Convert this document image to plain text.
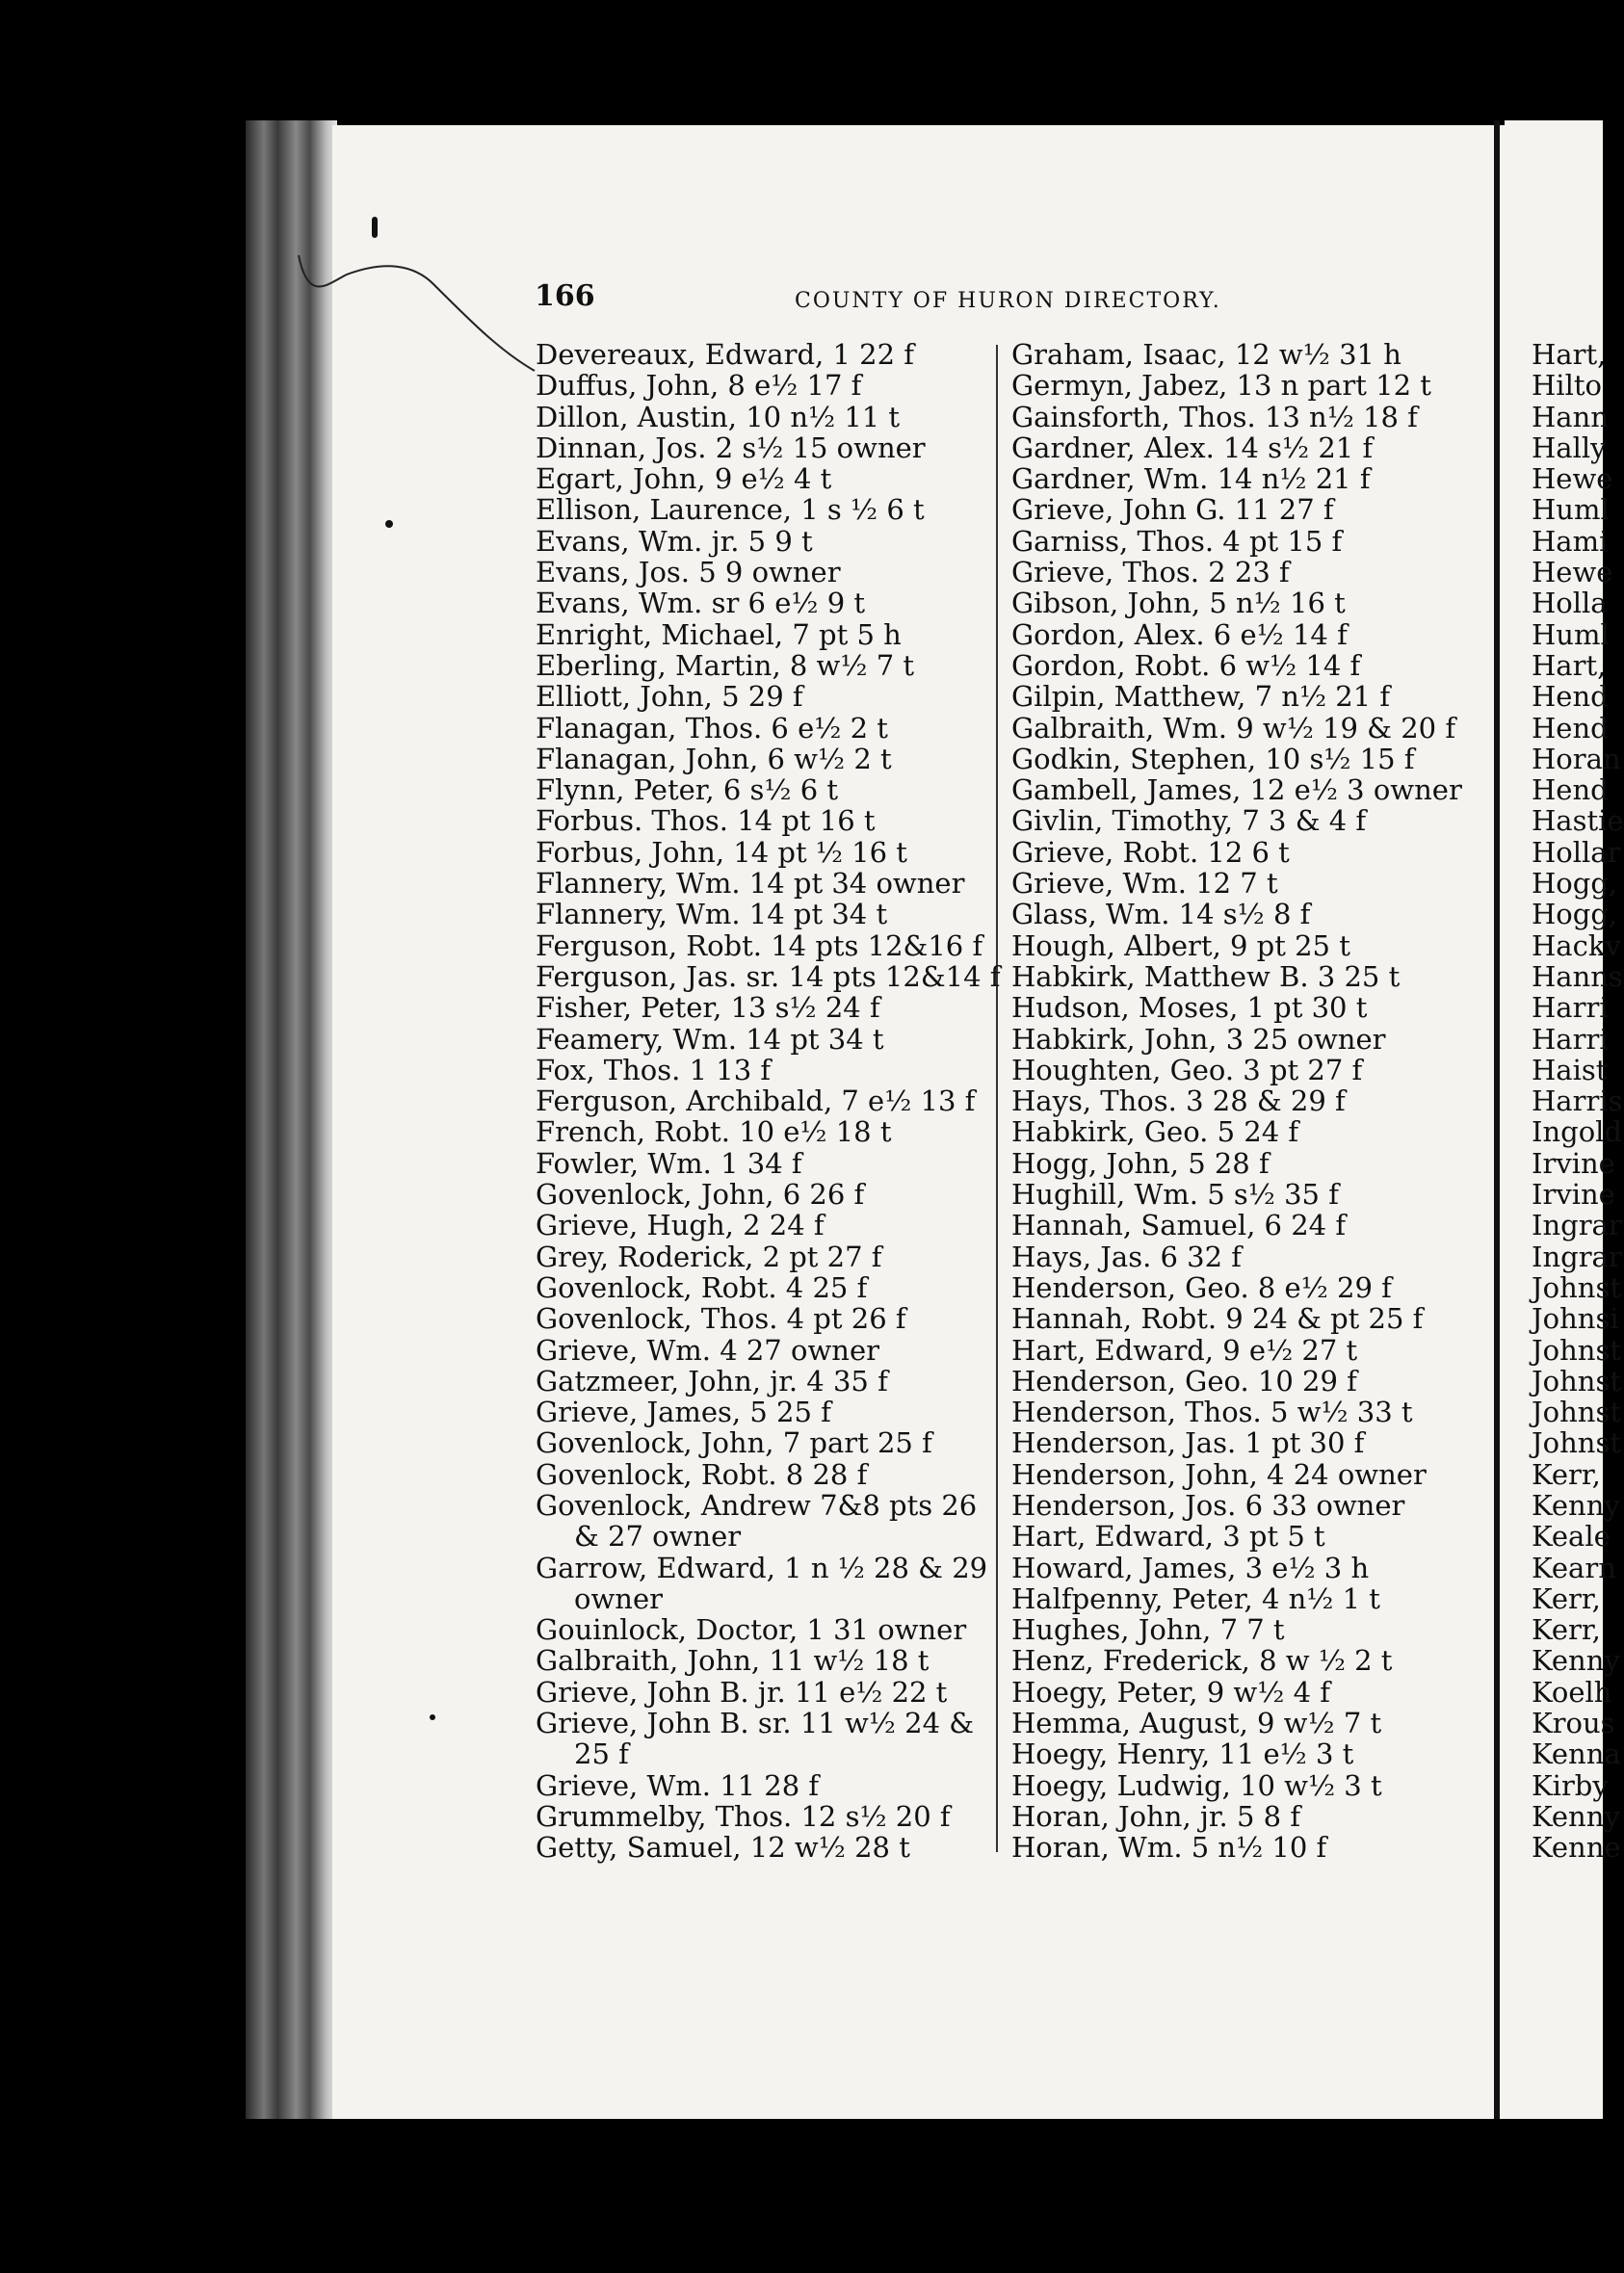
166	COUNTY OF HURON DIRECTORY.
Devereaux, Edward, 1 22 f
Duffus, John, 8 e½ 17 f
Dillon, Austin, 10 n½ 11 t
Dinnan, Jos. 2 s½ 15 owner
Egart, John, 9 e½ 4 t
Ellison, Laurence, 1 s ½ 6 t
Evans, Wm. jr. 5 9 t
Evans, Jos. 5 9 owner
Evans, Wm. sr 6 e½ 9 t
Enright, Michael, 7 pt 5 h
Eberling, Martin, 8 w½ 7 t
Elliott, John, 5 29 f
Flanagan, Thos. 6 e½ 2 t
Flanagan, John, 6 w½ 2 t
Flynn, Peter, 6 s½ 6 t
Forbus. Thos. 14 pt 16 t
Forbus, John, 14 pt ½ 16 t
Flannery, Wm. 14 pt 34 owner
Flannery, Wm. 14 pt 34 t
Ferguson, Robt. 14 pts 12&16 f
Ferguson, Jas. sr. 14 pts 12&14 f
Fisher, Peter, 13 s½ 24 f
Feamery, Wm. 14 pt 34 t
Fox, Thos. 1 13 f
Ferguson, Archibald, 7 e½ 13 f
French, Robt. 10 e½ 18 t
Fowler, Wm. 1 34 f
Govenlock, John, 6 26 f
Grieve, Hugh, 2 24 f
Grey, Roderick, 2 pt 27 f
Govenlock, Robt. 4 25 f
Govenlock, Thos. 4 pt 26 f
Grieve, Wm. 4 27 owner
Gatzmeer, John, jr. 4 35 f
Grieve, James, 5 25 f
Govenlock, John, 7 part 25 f
Govenlock, Robt. 8 28 f
Govenlock, Andrew 7&8 pts 26
& 27 owner
Garrow, Edward, 1 n ½ 28 & 29
owner
Gouinlock, Doctor, 1 31 owner
Galbraith, John, 11 w½ 18 t
Grieve, John B. jr. 11 e½ 22 t
Grieve, John B. sr. 11 w½ 24 &
25 f
Grieve, Wm. 11 28 f
Grummelby, Thos. 12 s½ 20 f
Getty, Samuel, 12 w½ 28 t
Graham, Isaac, 12 w½ 31 h
Germyn, Jabez, 13 n part 12 t
Gainsforth, Thos. 13 n½ 18 f
Gardner, Alex. 14 s½ 21 f
Gardner, Wm. 14 n½ 21 f
Grieve, John G. 11 27 f
Garniss, Thos. 4 pt 15 f
Grieve, Thos. 2 23 f
Gibson, John, 5 n½ 16 t
Gordon, Alex. 6 e½ 14 f
Gordon, Robt. 6 w½ 14 f
Gilpin, Matthew, 7 n½ 21 f
Galbraith, Wm. 9 w½ 19 & 20 f
Godkin, Stephen, 10 s½ 15 f
Gambell, James, 12 e½ 3 owner
Givlin, Timothy, 7 3 & 4 f
Grieve, Robt. 12 6 t
Grieve, Wm. 12 7 t
Glass, Wm. 14 s½ 8 f
Hough, Albert, 9 pt 25 t
Habkirk, Matthew B. 3 25 t
Hudson, Moses, 1 pt 30 t
Habkirk, John, 3 25 owner
Houghten, Geo. 3 pt 27 f
Hays, Thos. 3 28 & 29 f
Habkirk, Geo. 5 24 f
Hogg, John, 5 28 f
Hughill, Wm. 5 s½ 35 f
Hannah, Samuel, 6 24 f
Hays, Jas. 6 32 f
Henderson, Geo. 8 e½ 29 f
Hannah, Robt. 9 24 & pt 25 f
Hart, Edward, 9 e½ 27 t
Henderson, Geo. 10 29 f
Henderson, Thos. 5 w½ 33 t
Henderson, Jas. 1 pt 30 f
Henderson, John, 4 24 owner
Henderson, Jos. 6 33 owner
Hart, Edward, 3 pt 5 t
Howard, James, 3 e½ 3 h
Halfpenny, Peter, 4 n½ 1 t
Hughes, John, 7 7 t
Henz, Frederick, 8 w ½ 2 t
Hoegy, Peter, 9 w½ 4 f
Hemma, August, 9 w½ 7 t
Hoegy, Henry, 11 e½ 3 t
Hoegy, Ludwig, 10 w½ 3 t
Horan, John, jr. 5 8 f
Horan, Wm. 5 n½ 10 f
Hart,
Hilto
Hann
Hally
Hewe
Huml
Hami
Hewe
Holla
Huml
Hart,
Hend
Hend
Horan
Hend
Hastie
Hollar
Hogg,
Hogg,
Hackv
Hanns
Harri
Harri
Haist
Harris
Ingold
Irvine
Irvine
Ingrar
Ingrar
Johnst
Johnsi
Johnst
Johnst
Johnst
Johnst
Kerr,
Kenny
Keale
Kearn
Kerr,
Kerr,
Kenny
Koelh
Krous
Kenna
Kirby
Kenny
Kenne
